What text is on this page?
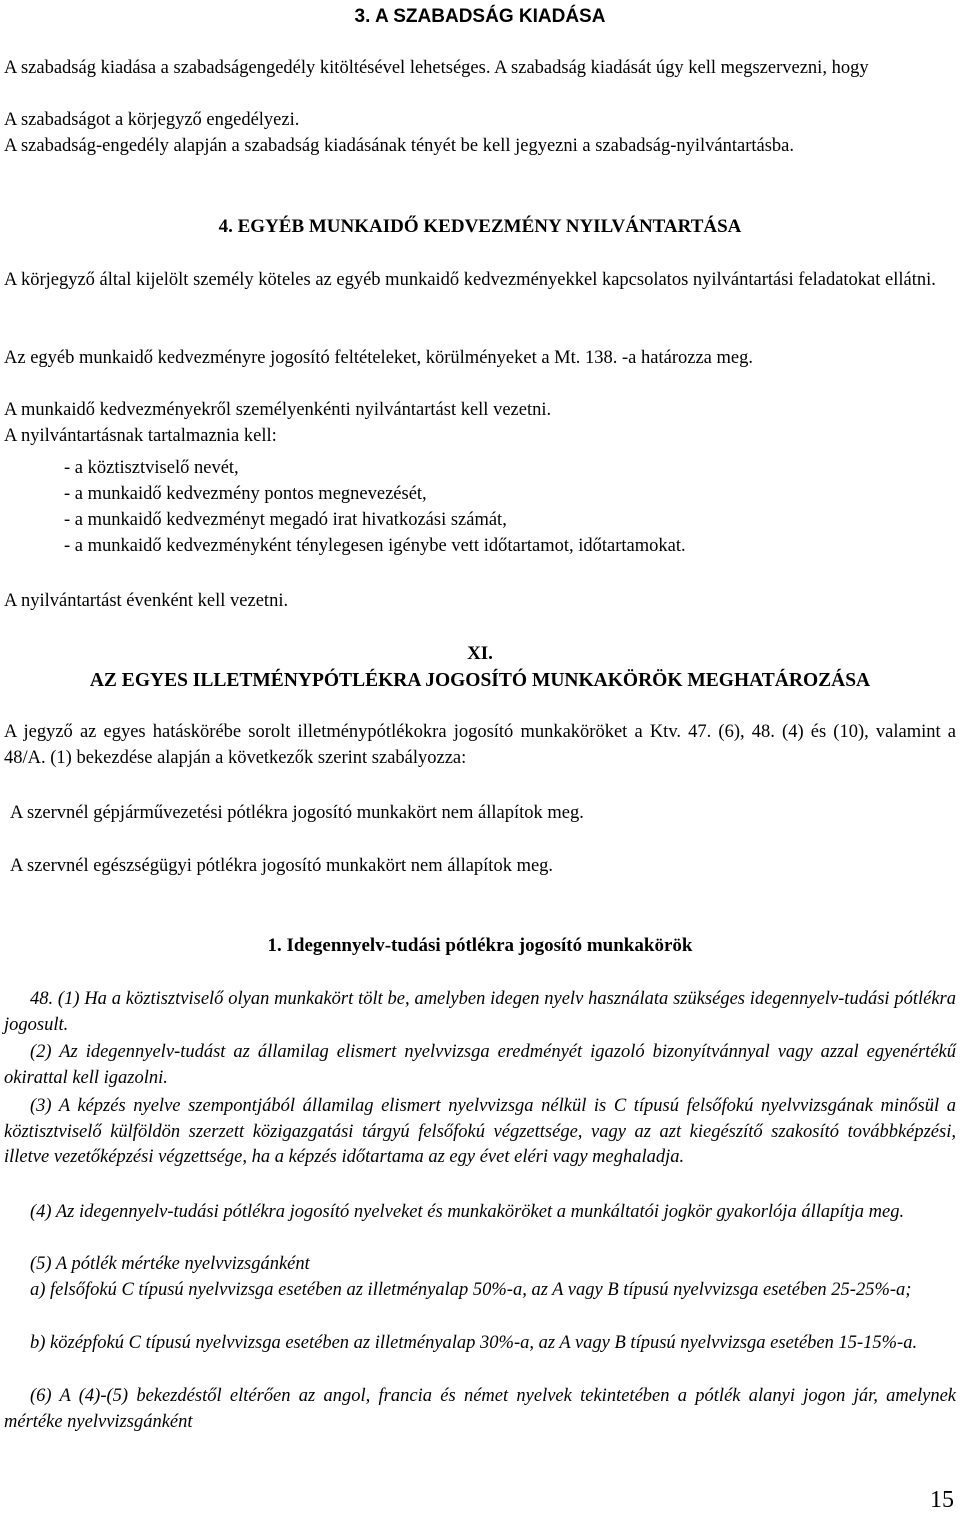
3. A SZABADSÁG KIADÁSA
A szabadság kiadása a szabadságengedély kitöltésével lehetséges. A szabadság kiadását úgy kell megszervezni, hogy
A szabadságot a körjegyző engedélyezi.
A szabadság-engedély alapján a szabadság kiadásának tényét be kell jegyezni a szabadság-nyilvántartásba.
4. EGYÉB MUNKAIDŐ KEDVEZMÉNY NYILVÁNTARTÁSA
A körjegyző által kijelölt személy köteles az egyéb munkaidő kedvezményekkel kapcsolatos nyilvántartási feladatokat ellátni.
Az egyéb munkaidő kedvezményre jogosító feltételeket, körülményeket a Mt. 138. -a határozza meg.
A munkaidő kedvezményekről személyenkénti nyilvántartást kell vezetni.
A nyilvántartásnak tartalmaznia kell:
- a köztisztviselő nevét,
- a munkaidő kedvezmény pontos megnevezését,
- a munkaidő kedvezményt megadó irat hivatkozási számát,
- a munkaidő kedvezményként ténylegesen igénybe vett időtartamot, időtartamokat.
A nyilvántartást évenként kell vezetni.
XI.
AZ EGYES ILLETMÉNYPÓTLÉKRA JOGOSÍTÓ MUNKAKÖRÖK MEGHATÁROZÁSA
A jegyző az egyes hatáskörébe sorolt illetménypótlékokra jogosító munkaköröket a Ktv. 47. (6), 48. (4) és (10), valamint a 48/A. (1) bekezdése alapján a következők szerint szabályozza:
A szervnél gépjárművezetési pótlékra jogosító munkakört nem állapítok meg.
A szervnél egészségügyi pótlékra jogosító munkakört nem állapítok meg.
1. Idegennyelv-tudási pótlékra jogosító munkakörök
48. (1) Ha a köztisztviselő olyan munkakört tölt be, amelyben idegen nyelv használata szükséges idegennyelv-tudási pótlékra jogosult.
(2) Az idegennyelv-tudást az államilag elismert nyelvvizsga eredményét igazoló bizonyítvánnyal vagy azzal egyenértékű okirattal kell igazolni.
(3) A képzés nyelve szempontjából államilag elismert nyelvvizsga nélkül is C típusú felsőfokú nyelvvizsgának minősül a köztisztviselő külföldön szerzett közigazgatási tárgyú felsőfokú végzettsége, vagy az azt kiegészítő szakosító továbbképzési, illetve vezetőképzési végzettsége, ha a képzés időtartama az egy évet eléri vagy meghaladja.
(4) Az idegennyelv-tudási pótlékra jogosító nyelveket és munkaköröket a munkáltatói jogkör gyakorlója állapítja meg.
(5) A pótlék mértéke nyelvvizsgánként
a) felsőfokú C típusú nyelvvizsga esetében az illetményalap 50%-a, az A vagy B típusú nyelvvizsga esetében 25-25%-a;
b) középfokú C típusú nyelvvizsga esetében az illetményalap 30%-a, az A vagy B típusú nyelvvizsga esetében 15-15%-a.
(6) A (4)-(5) bekezdéstől eltérően az angol, francia és német nyelvek tekintetében a pótlék alanyi jogon jár, amelynek mértéke nyelvvizsgánként
15
